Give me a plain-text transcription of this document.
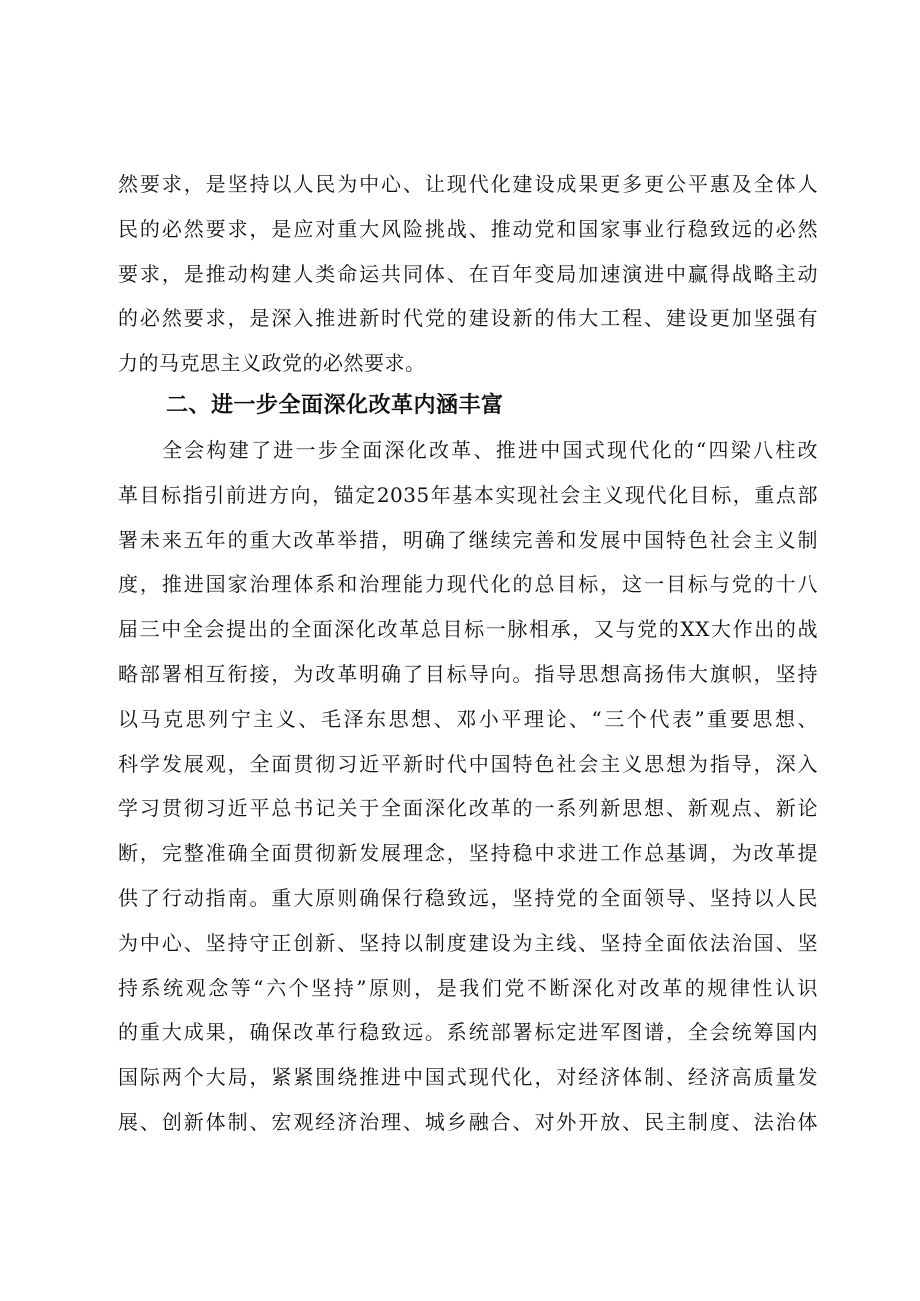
然要求，是坚持以人民为中心、让现代化建设成果更多更公平惠及全体人

民的必然要求，是应对重大风险挑战、推动党和国家事业行稳致远的必然

要求，是推动构建人类命运共同体、在百年变局加速演进中赢得战略主动

的必然要求，是深入推进新时代党的建设新的伟大工程、建设更加坚强有

力的马克思主义政党的必然要求。

二、进一步全面深化改革内涵丰富

全会构建了进一步全面深化改革、推进中国式现代化的“四梁八柱改

革目标指引前进方向，锚定2035年基本实现社会主义现代化目标，重点部

署未来五年的重大改革举措，明确了继续完善和发展中国特色社会主义制

度，推进国家治理体系和治理能力现代化的总目标，这一目标与党的十八

届三中全会提出的全面深化改革总目标一脉相承，又与党的XX大作出的战

略部署相互衔接，为改革明确了目标导向。指导思想高扬伟大旗帜，坚持

以马克思列宁主义、毛泽东思想、邓小平理论、“三个代表”重要思想、

科学发展观，全面贯彻习近平新时代中国特色社会主义思想为指导，深入

学习贯彻习近平总书记关于全面深化改革的一系列新思想、新观点、新论

断，完整准确全面贯彻新发展理念，坚持稳中求进工作总基调，为改革提

供了行动指南。重大原则确保行稳致远，坚持党的全面领导、坚持以人民

为中心、坚持守正创新、坚持以制度建设为主线、坚持全面依法治国、坚

持系统观念等“六个坚持”原则，是我们党不断深化对改革的规律性认识

的重大成果，确保改革行稳致远。系统部署标定进军图谱，全会统筹国内

国际两个大局，紧紧围绕推进中国式现代化，对经济体制、经济高质量发

展、创新体制、宏观经济治理、城乡融合、对外开放、民主制度、法治体
